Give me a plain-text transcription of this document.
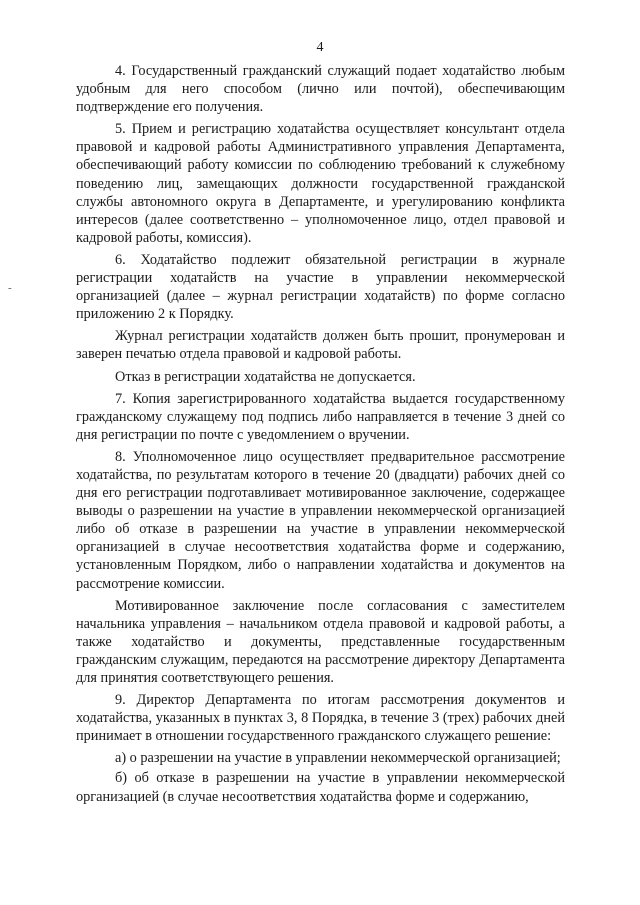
4
-

4. Государственный гражданский служащий подает ходатайство любым удобным для него способом (лично или почтой), обеспечивающим подтверждение его получения.

5. Прием и регистрацию ходатайства осуществляет консультант отдела правовой и кадровой работы Административного управления Департамента, обеспечивающий работу комиссии по соблюдению требований к служебному поведению лиц, замещающих должности государственной гражданской службы автономного округа в Департаменте, и урегулированию конфликта интересов (далее соответственно – уполномоченное лицо, отдел правовой и кадровой работы, комиссия).

6. Ходатайство подлежит обязательной регистрации в журнале регистрации ходатайств на участие в управлении некоммерческой организацией (далее – журнал регистрации ходатайств) по форме согласно приложению 2 к Порядку.

Журнал регистрации ходатайств должен быть прошит, пронумерован и заверен печатью отдела правовой и кадровой работы.

Отказ в регистрации ходатайства не допускается.

7. Копия зарегистрированного ходатайства выдается государственному гражданскому служащему под подпись либо направляется в течение 3 дней со дня регистрации по почте с уведомлением о вручении.

8. Уполномоченное лицо осуществляет предварительное рассмотрение ходатайства, по результатам которого в течение 20 (двадцати) рабочих дней со дня его регистрации подготавливает мотивированное заключение, содержащее выводы о разрешении на участие в управлении некоммерческой организацией либо об отказе в разрешении на участие в управлении некоммерческой организацией в случае несоответствия ходатайства форме и содержанию, установленным Порядком, либо о направлении ходатайства и документов на рассмотрение комиссии.

Мотивированное заключение после согласования с заместителем начальника управления – начальником отдела правовой и кадровой работы, а также ходатайство и документы, представленные государственным гражданским служащим, передаются на рассмотрение директору Департамента для принятия соответствующего решения.

9. Директор Департамента по итогам рассмотрения документов и ходатайства, указанных в пунктах 3, 8 Порядка, в течение 3 (трех) рабочих дней принимает в отношении государственного гражданского служащего решение:

а) о разрешении на участие в управлении некоммерческой организацией;

б) об отказе в разрешении на участие в управлении некоммерческой организацией (в случае несоответствия ходатайства форме и содержанию,
